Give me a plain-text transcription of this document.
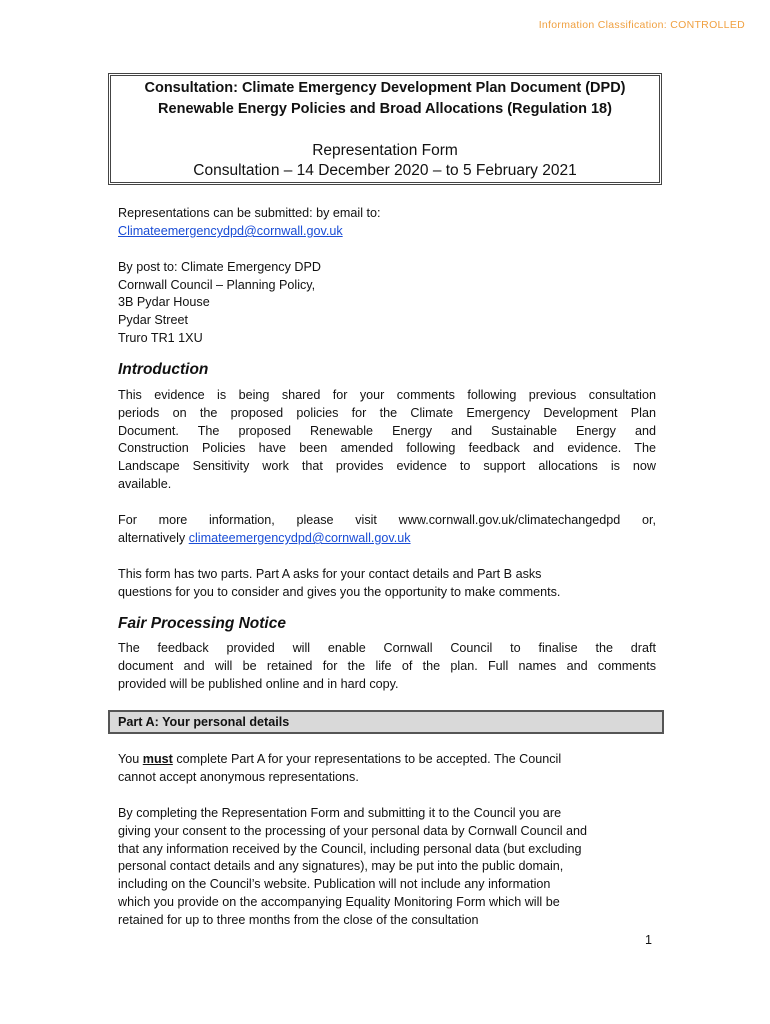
Information Classification: CONTROLLED
Consultation: Climate Emergency Development Plan Document (DPD)
Renewable Energy Policies and Broad Allocations (Regulation 18)
Representation Form
Consultation – 14 December 2020 – to 5 February 2021
Representations can be submitted: by email to:
Climateemergencydpd@cornwall.gov.uk
By post to: Climate Emergency DPD
Cornwall Council – Planning Policy,
3B Pydar House
Pydar Street
Truro TR1 1XU
Introduction
This evidence is being shared for your comments following previous consultation
periods on the proposed policies for the Climate Emergency Development Plan
Document. The proposed Renewable Energy and Sustainable Energy and
Construction Policies have been amended following feedback and evidence. The
Landscape Sensitivity work that provides evidence to support allocations is now
available.
For more information, please visit www.cornwall.gov.uk/climatechangedpd or,
alternatively climateemergencydpd@cornwall.gov.uk
This form has two parts. Part A asks for your contact details and Part B asks
questions for you to consider and gives you the opportunity to make comments.
Fair Processing Notice
The feedback provided will enable Cornwall Council to finalise the draft
document and will be retained for the life of the plan. Full names and comments
provided will be published online and in hard copy.
Part A: Your personal details
You must complete Part A for your representations to be accepted. The Council
cannot accept anonymous representations.
By completing the Representation Form and submitting it to the Council you are
giving your consent to the processing of your personal data by Cornwall Council and
that any information received by the Council, including personal data (but excluding
personal contact details and any signatures), may be put into the public domain,
including on the Council’s website. Publication will not include any information
which you provide on the accompanying Equality Monitoring Form which will be
retained for up to three months from the close of the consultation
1
